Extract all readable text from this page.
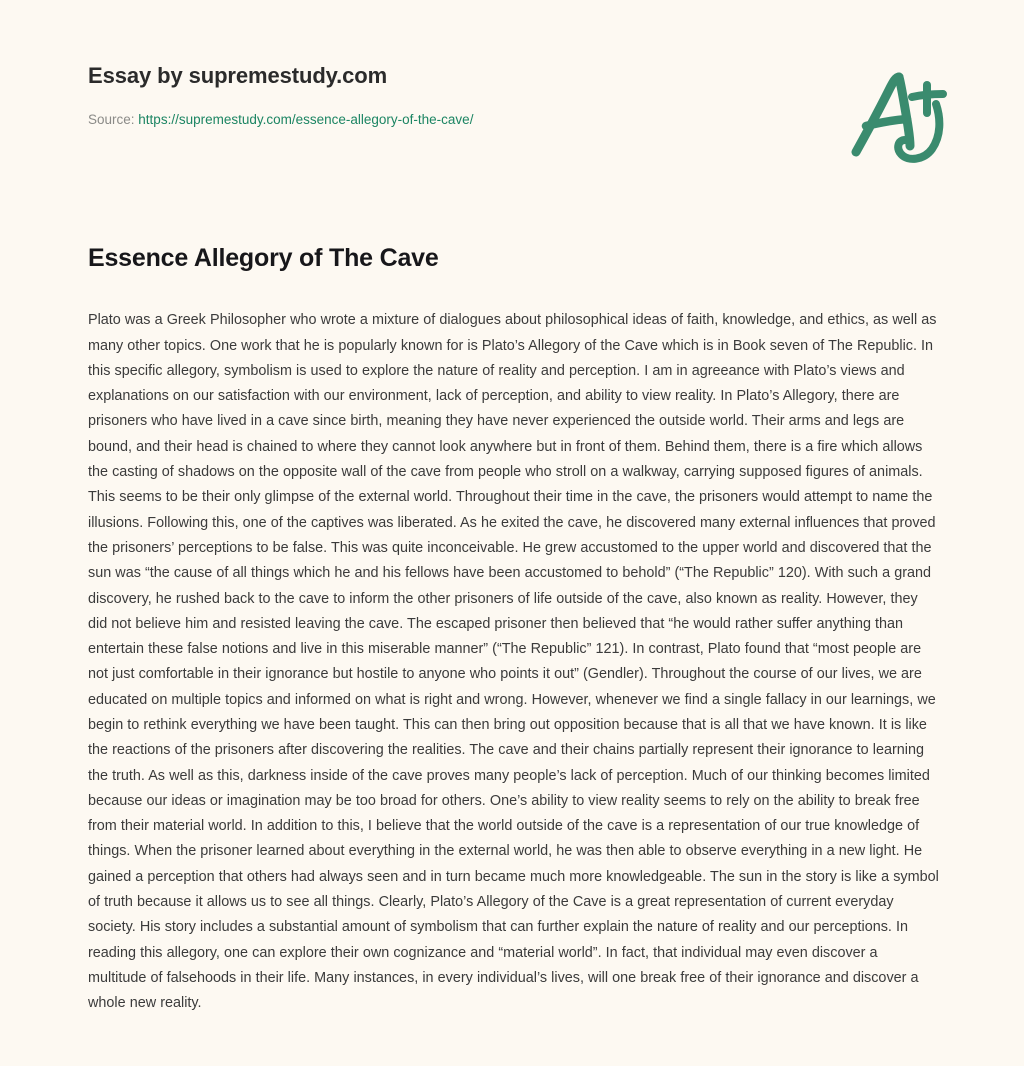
Essay by supremestudy.com
Source: https://supremestudy.com/essence-allegory-of-the-cave/
Essence Allegory of The Cave

Plato was a Greek Philosopher who wrote a mixture of dialogues about philosophical ideas of faith, knowledge, and ethics, as well as many other topics. One work that he is popularly known for is Plato’s Allegory of the Cave which is in Book seven of The Republic. In this specific allegory, symbolism is used to explore the nature of reality and perception. I am in agreeance with Plato’s views and explanations on our satisfaction with our environment, lack of perception, and ability to view reality. In Plato’s Allegory, there are prisoners who have lived in a cave since birth, meaning they have never experienced the outside world. Their arms and legs are bound, and their head is chained to where they cannot look anywhere but in front of them. Behind them, there is a fire which allows the casting of shadows on the opposite wall of the cave from people who stroll on a walkway, carrying supposed figures of animals. This seems to be their only glimpse of the external world. Throughout their time in the cave, the prisoners would attempt to name the illusions. Following this, one of the captives was liberated. As he exited the cave, he discovered many external influences that proved the prisoners’ perceptions to be false. This was quite inconceivable. He grew accustomed to the upper world and discovered that the sun was “the cause of all things which he and his fellows have been accustomed to behold” (“The Republic” 120). With such a grand discovery, he rushed back to the cave to inform the other prisoners of life outside of the cave, also known as reality. However, they did not believe him and resisted leaving the cave. The escaped prisoner then believed that “he would rather suffer anything than entertain these false notions and live in this miserable manner” (“The Republic” 121). In contrast, Plato found that “most people are not just comfortable in their ignorance but hostile to anyone who points it out” (Gendler). Throughout the course of our lives, we are educated on multiple topics and informed on what is right and wrong. However, whenever we find a single fallacy in our learnings, we begin to rethink everything we have been taught. This can then bring out opposition because that is all that we have known. It is like the reactions of the prisoners after discovering the realities. The cave and their chains partially represent their ignorance to learning the truth. As well as this, darkness inside of the cave proves many people’s lack of perception. Much of our thinking becomes limited because our ideas or imagination may be too broad for others. One’s ability to view reality seems to rely on the ability to break free from their material world. In addition to this, I believe that the world outside of the cave is a representation of our true knowledge of things. When the prisoner learned about everything in the external world, he was then able to observe everything in a new light. He gained a perception that others had always seen and in turn became much more knowledgeable. The sun in the story is like a symbol of truth because it allows us to see all things. Clearly, Plato’s Allegory of the Cave is a great representation of current everyday society. His story includes a substantial amount of symbolism that can further explain the nature of reality and our perceptions. In reading this allegory, one can explore their own cognizance and “material world”. In fact, that individual may even discover a multitude of falsehoods in their life. Many instances, in every individual’s lives, will one break free of their ignorance and discover a whole new reality.
